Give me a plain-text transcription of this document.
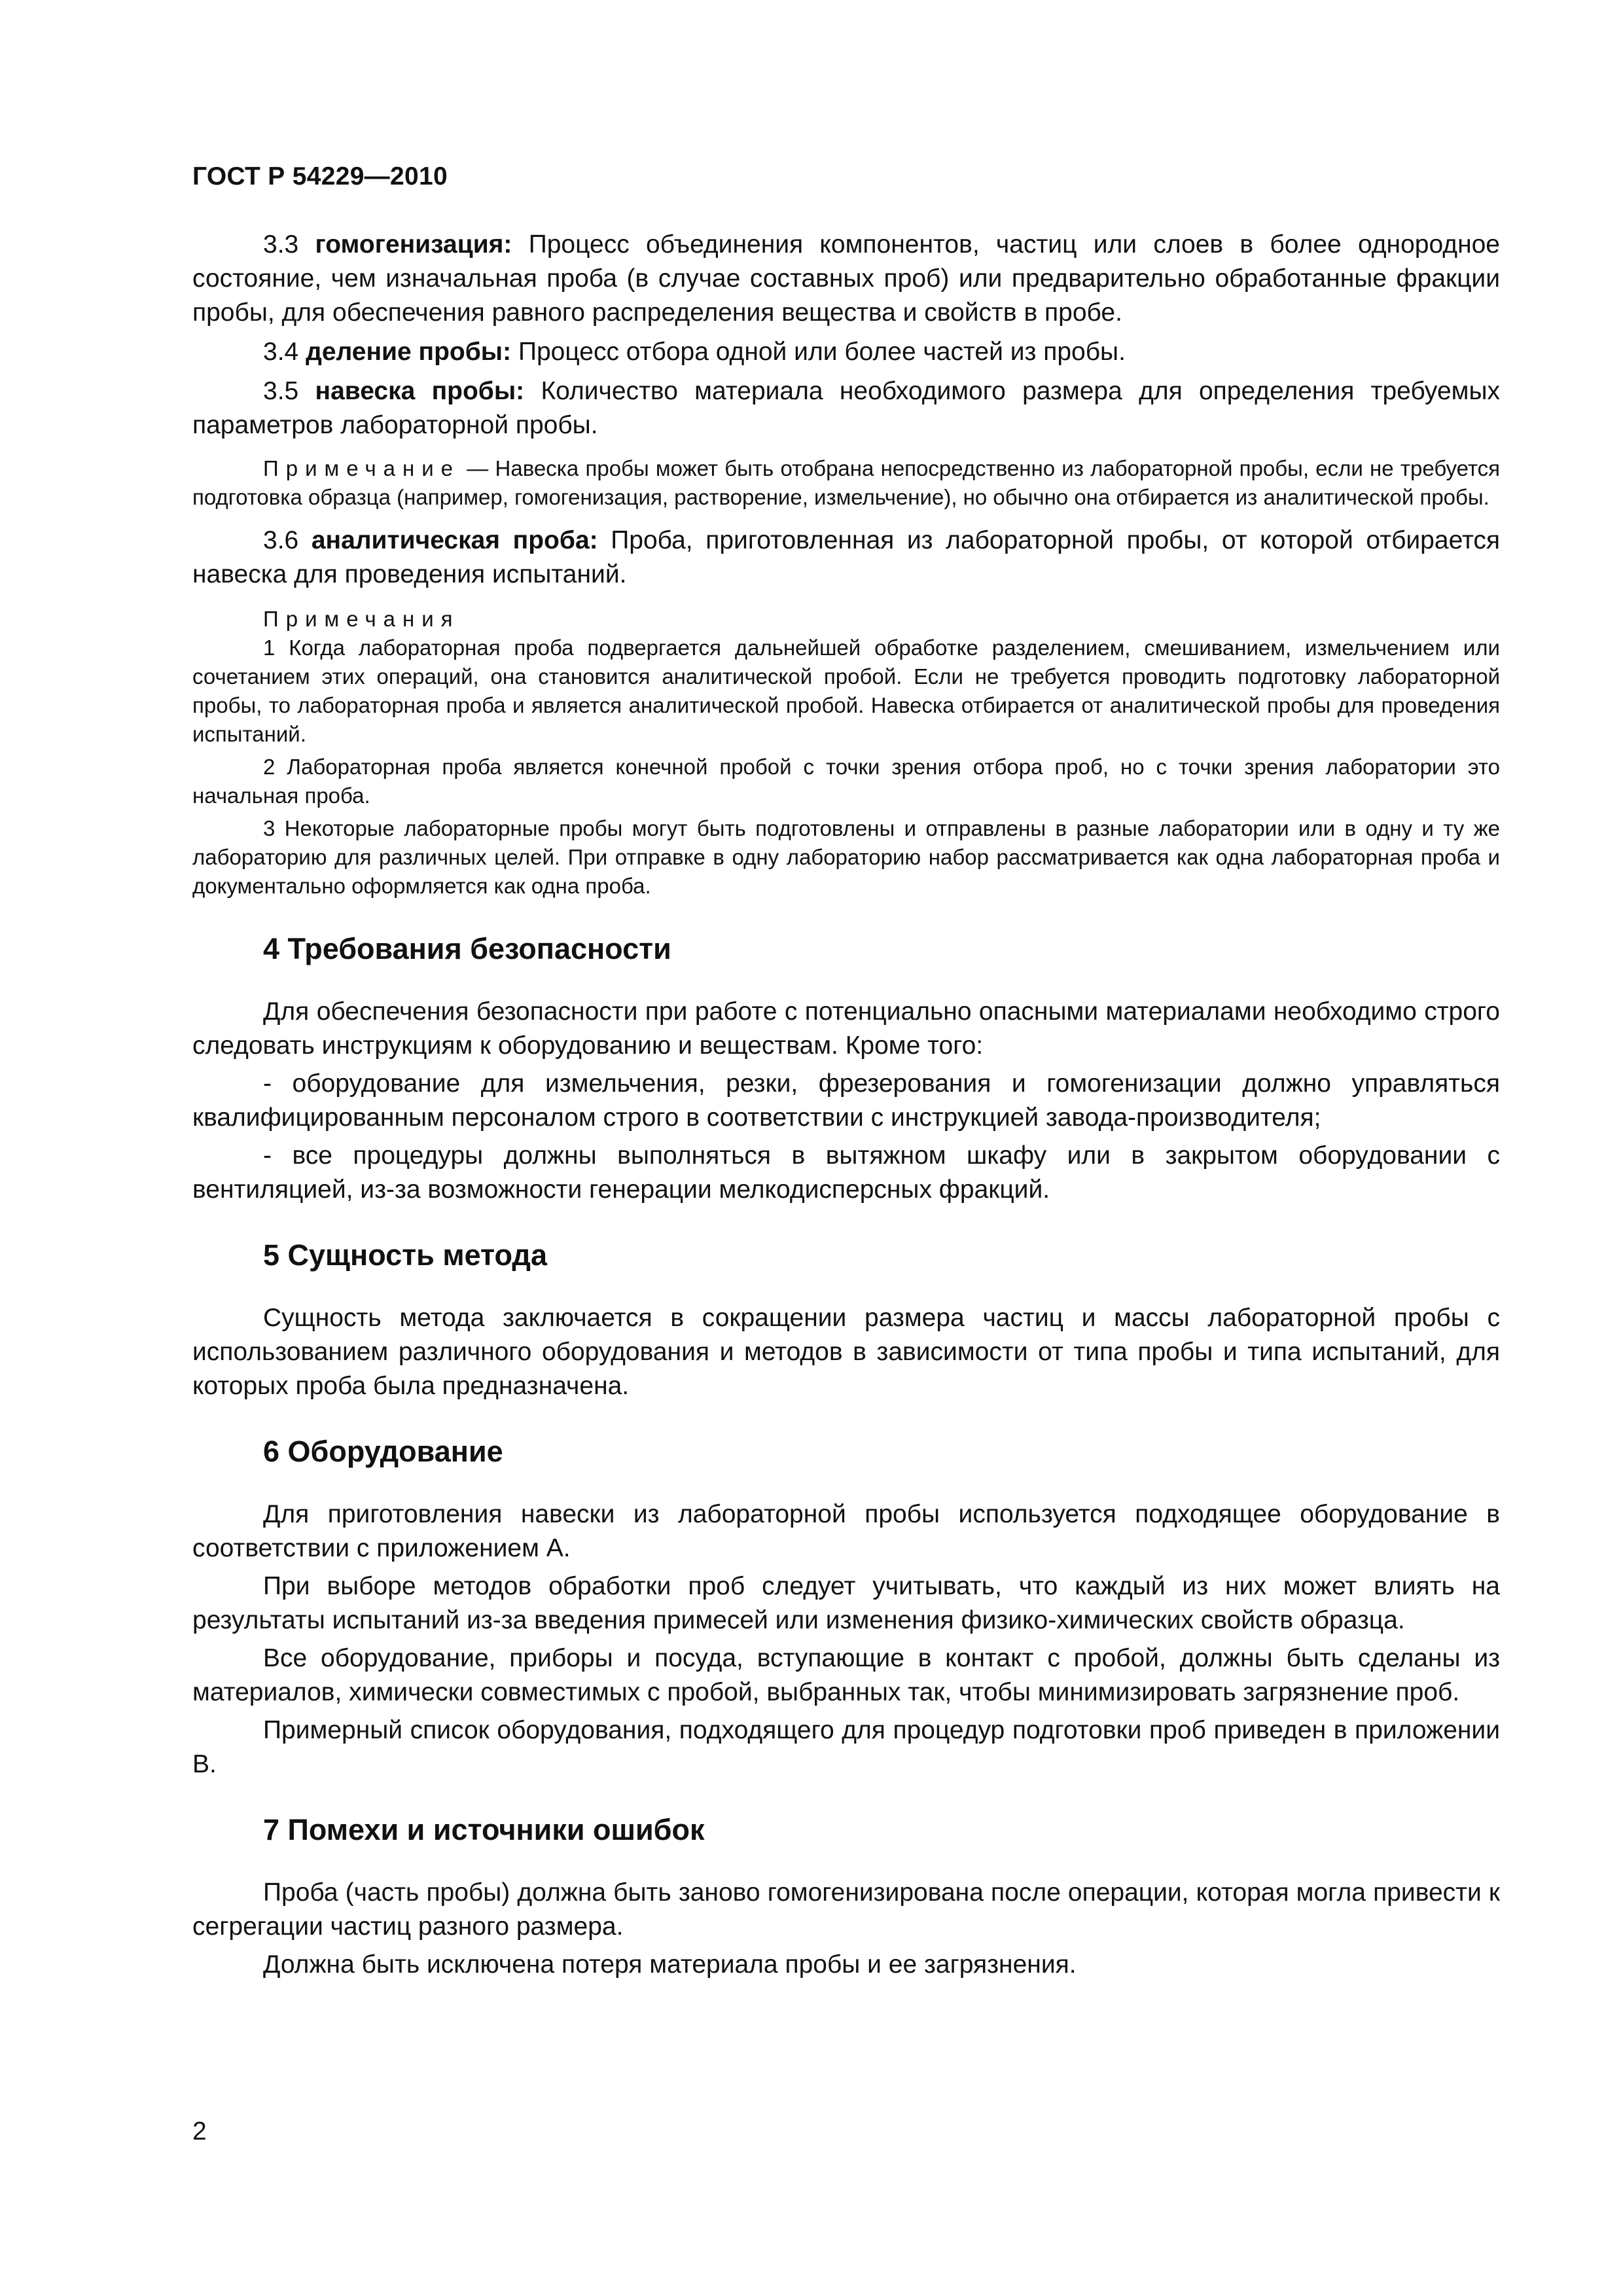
ГОСТ Р 54229—2010

3.3 гомогенизация: Процесс объединения компонентов, частиц или слоев в более однородное состояние, чем изначальная проба (в случае составных проб) или предварительно обработанные фракции пробы, для обеспечения равного распределения вещества и свойств в пробе.

3.4 деление пробы: Процесс отбора одной или более частей из пробы.

3.5 навеска пробы: Количество материала необходимого размера для определения требуемых параметров лабораторной пробы.

Примечание — Навеска пробы может быть отобрана непосредственно из лабораторной пробы, если не требуется подготовка образца (например, гомогенизация, растворение, измельчение), но обычно она отбирается из аналитической пробы.

3.6 аналитическая проба: Проба, приготовленная из лабораторной пробы, от которой отбирается навеска для проведения испытаний.

Примечания

1 Когда лабораторная проба подвергается дальнейшей обработке разделением, смешиванием, измельчением или сочетанием этих операций, она становится аналитической пробой. Если не требуется проводить подготовку лабораторной пробы, то лабораторная проба и является аналитической пробой. Навеска отбирается от аналитической пробы для проведения испытаний.

2 Лабораторная проба является конечной пробой с точки зрения отбора проб, но с точки зрения лаборатории это начальная проба.

3 Некоторые лабораторные пробы могут быть подготовлены и отправлены в разные лаборатории или в одну и ту же лабораторию для различных целей. При отправке в одну лабораторию набор рассматривается как одна лабораторная проба и документально оформляется как одна проба.

4 Требования безопасности

Для обеспечения безопасности при работе с потенциально опасными материалами необходимо строго следовать инструкциям к оборудованию и веществам. Кроме того:

- оборудование для измельчения, резки, фрезерования и гомогенизации должно управляться квалифицированным персоналом строго в соответствии с инструкцией завода-производителя;

- все процедуры должны выполняться в вытяжном шкафу или в закрытом оборудовании с вентиляцией, из-за возможности генерации мелкодисперсных фракций.

5 Сущность метода

Сущность метода заключается в сокращении размера частиц и массы лабораторной пробы с использованием различного оборудования и методов в зависимости от типа пробы и типа испытаний, для которых проба была предназначена.

6 Оборудование

Для приготовления навески из лабораторной пробы используется подходящее оборудование в соответствии с приложением А.

При выборе методов обработки проб следует учитывать, что каждый из них может влиять на результаты испытаний из-за введения примесей или изменения физико-химических свойств образца.

Все оборудование, приборы и посуда, вступающие в контакт с пробой, должны быть сделаны из материалов, химически совместимых с пробой, выбранных так, чтобы минимизировать загрязнение проб.

Примерный список оборудования, подходящего для процедур подготовки проб приведен в приложении В.

7 Помехи и источники ошибок

Проба (часть пробы) должна быть заново гомогенизирована после операции, которая могла привести к сегрегации частиц разного размера.

Должна быть исключена потеря материала пробы и ее загрязнения.

2
